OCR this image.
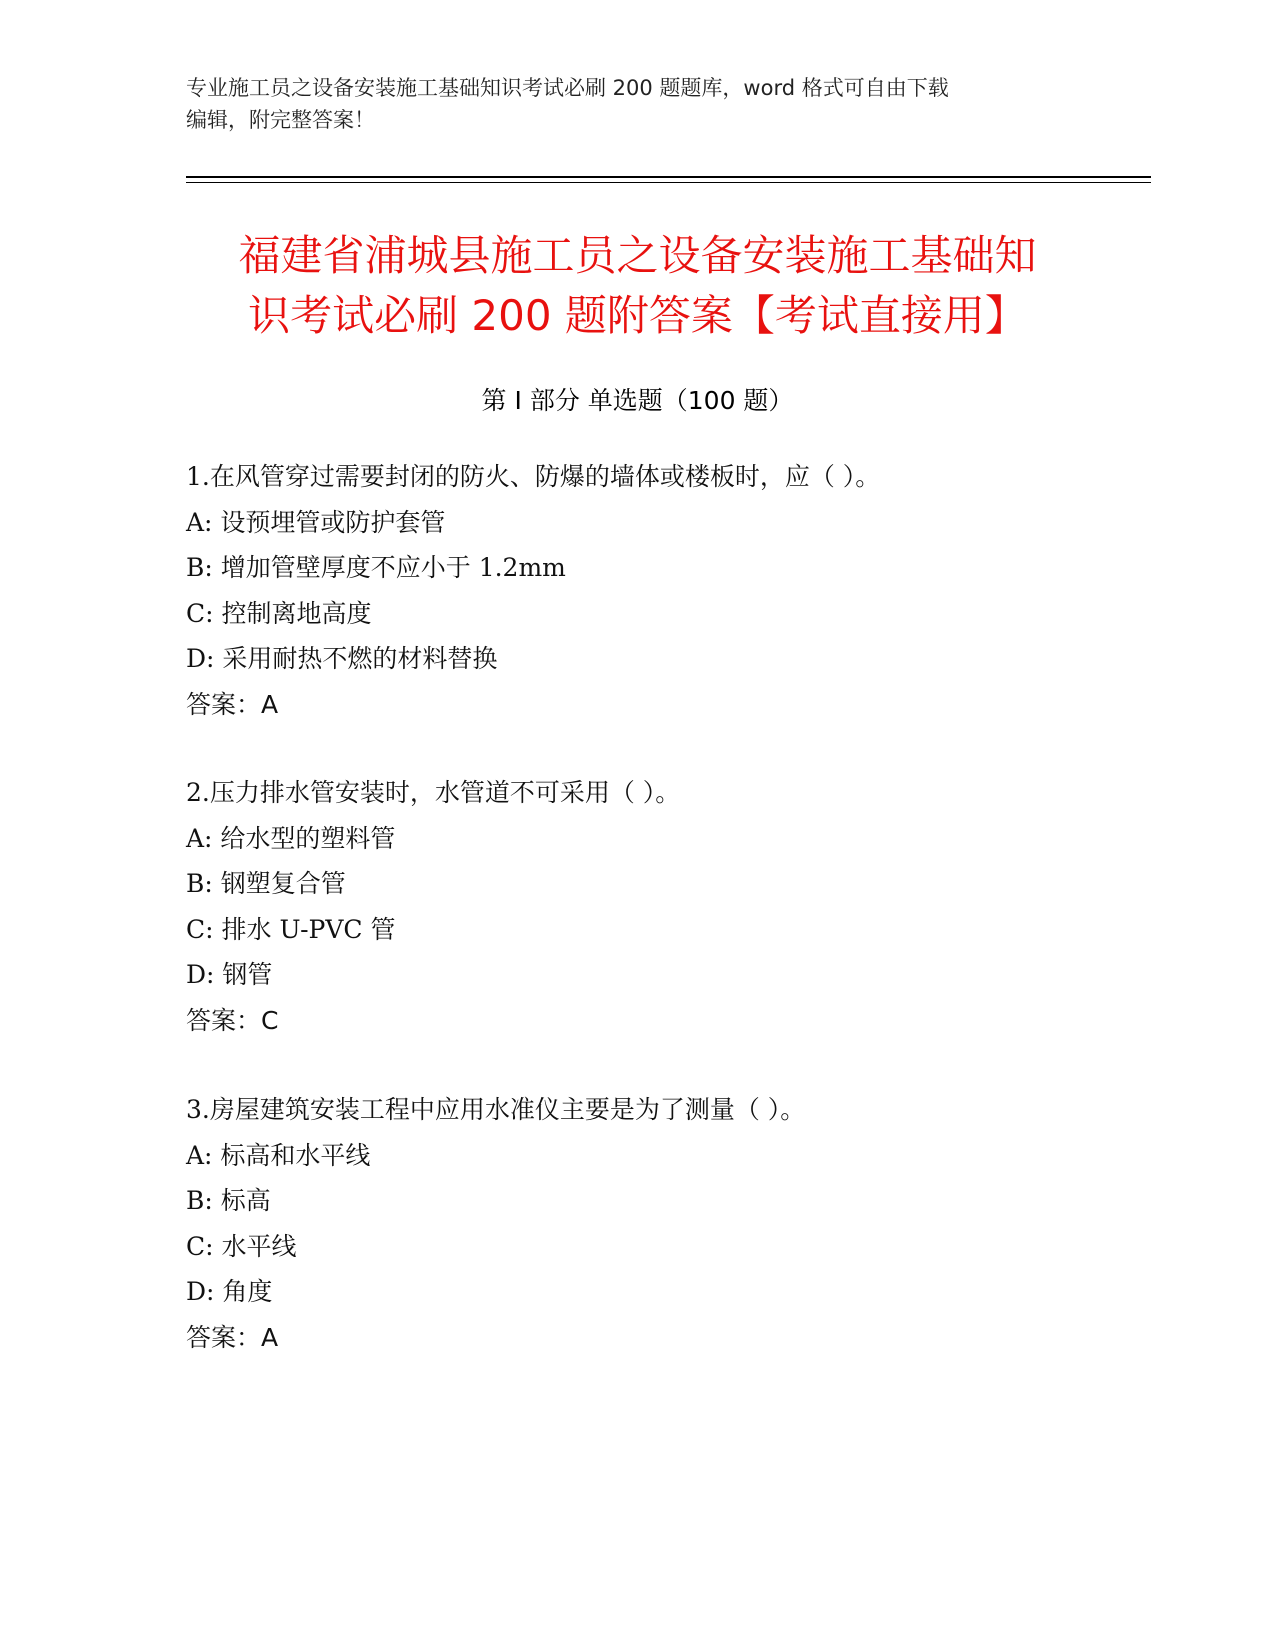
专业施工员之设备安装施工基础知识考试必刷 200 题题库，word 格式可自由下载
编辑，附完整答案！
福建省浦城县施工员之设备安装施工基础知
识考试必刷 200 题附答案【考试直接用】
第 I 部分 单选题（100 题）
1.在风管穿过需要封闭的防火、防爆的墙体或楼板时，应（ ）。
A: 设预埋管或防护套管
B: 增加管壁厚度不应小于 1.2mm
C: 控制离地高度
D: 采用耐热不燃的材料替换
答案：A
2.压力排水管安装时，水管道不可采用（ ）。
A: 给水型的塑料管
B: 钢塑复合管
C: 排水 U-PVC 管
D: 钢管
答案：C
3.房屋建筑安装工程中应用水准仪主要是为了测量（ ）。
A: 标高和水平线
B: 标高
C: 水平线
D: 角度
答案：A
